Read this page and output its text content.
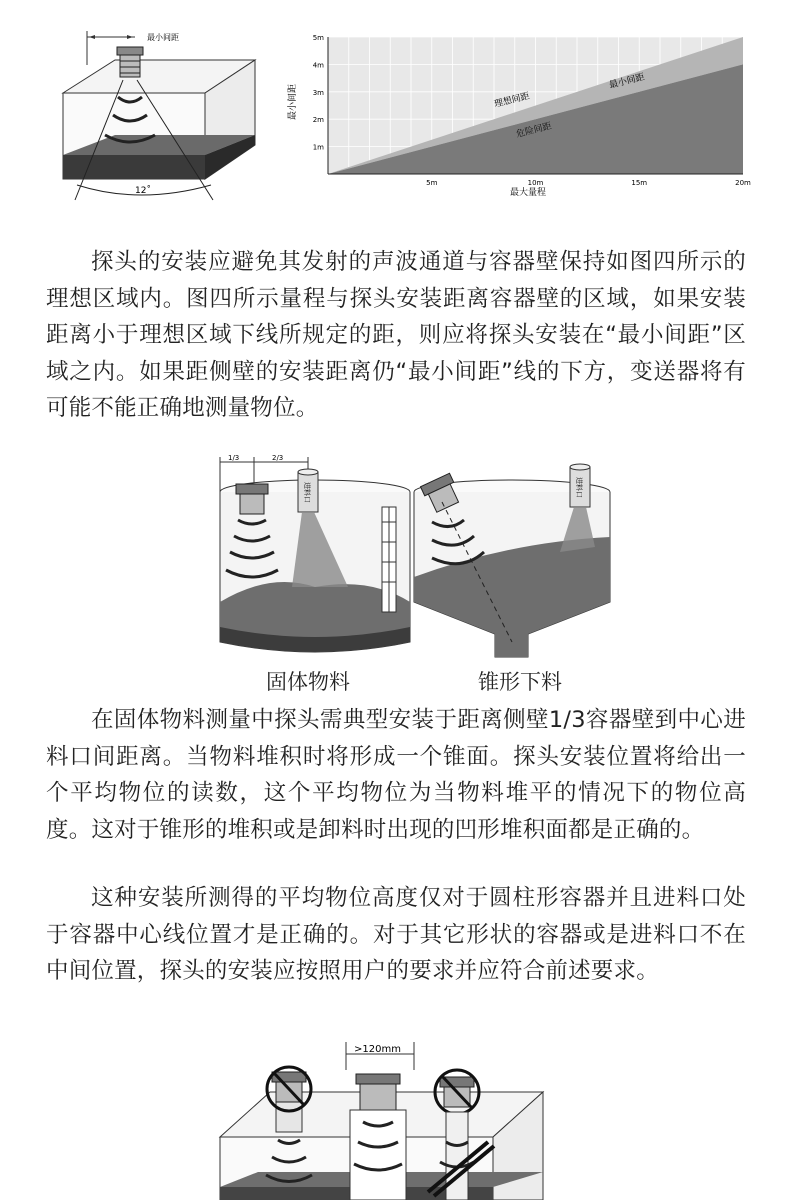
最小间距
12˚
5m
4m
3m
2m
1m
5m	10m	15m	20m
最小间距
最大量程
理想间距
最小间距
危险间距

探头的安装应避免其发射的声波通道与容器壁保持如图四所示的理想区域内。图四所示量程与探头安装距离容器壁的区域，如果安装距离小于理想区域下线所规定的距，则应将探头安装在“最小间距”区域之内。如果距侧壁的安装距离仍“最小间距”线的下方，变送器将有可能不能正确地测量物位。

1/3	2/3
进料口	进料口
固体物料	锥形下料

在固体物料测量中探头需典型安装于距离侧壁1/3容器壁到中心进料口间距离。当物料堆积时将形成一个锥面。探头安装位置将给出一个平均物位的读数，这个平均物位为当物料堆平的情况下的物位高度。这对于锥形的堆积或是卸料时出现的凹形堆积面都是正确的。

这种安装所测得的平均物位高度仅对于圆柱形容器并且进料口处于容器中心线位置才是正确的。对于其它形状的容器或是进料口不在中间位置，探头的安装应按照用户的要求并应符合前述要求。

>120mm
